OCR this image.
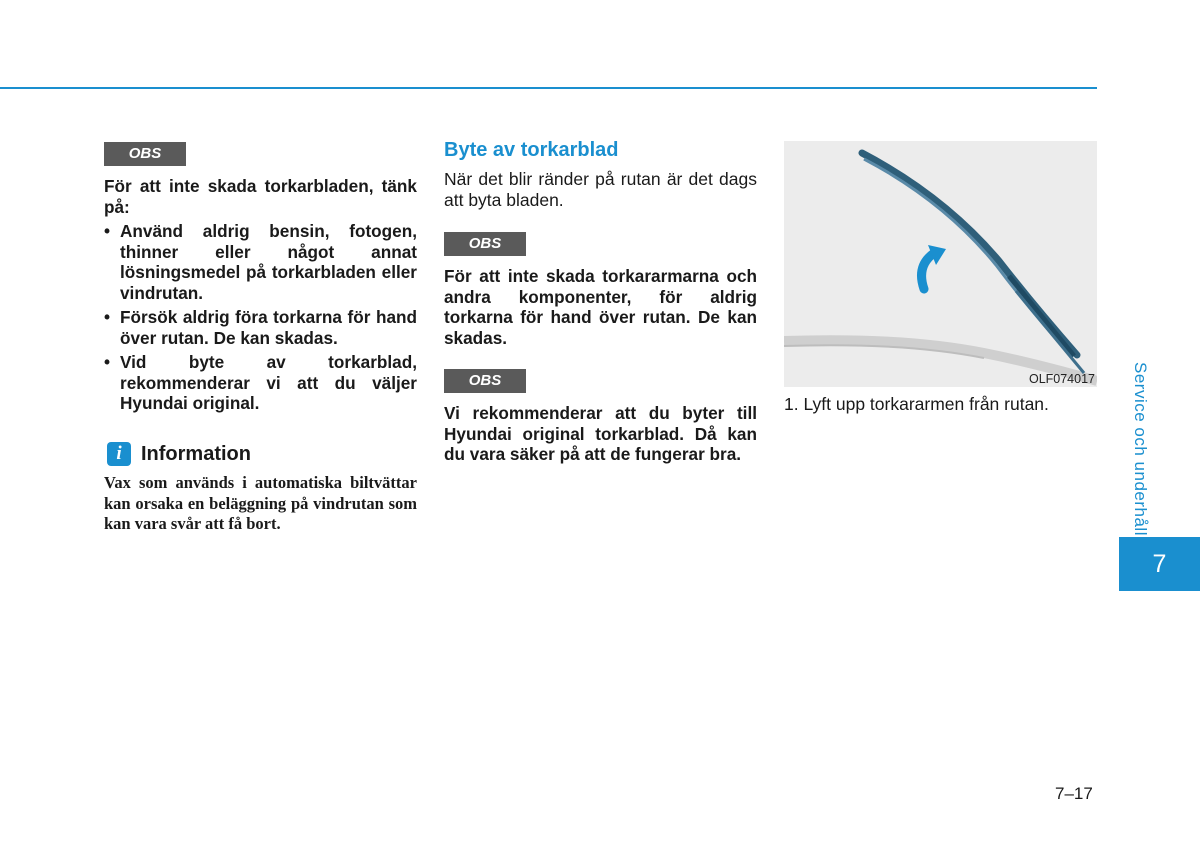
OBS

För att inte skada torkarbladen, tänk på:

• Använd aldrig bensin, fotogen, thinner eller något annat lösningsmedel på torkarbladen eller vindrutan.
• Försök aldrig föra torkarna för hand över rutan. De kan skadas.
• Vid byte av torkarblad, rekommenderar vi att du väljer Hyundai original.
i Information

Vax som används i automatiska biltvättar kan orsaka en beläggning på vindrutan som kan vara svår att få bort.

Byte av torkarblad

När det blir ränder på rutan är det dags att byta bladen.

OBS

För att inte skada torkararmarna och andra komponenter, för aldrig torkarna för hand över rutan. De kan skadas.

OBS

Vi rekommenderar att du byter till Hyundai original torkarblad. Då kan du vara säker på att de fungerar bra.

OLF074017

1. Lyft upp torkararmen från rutan.	Service och underhåll
7
7–17
